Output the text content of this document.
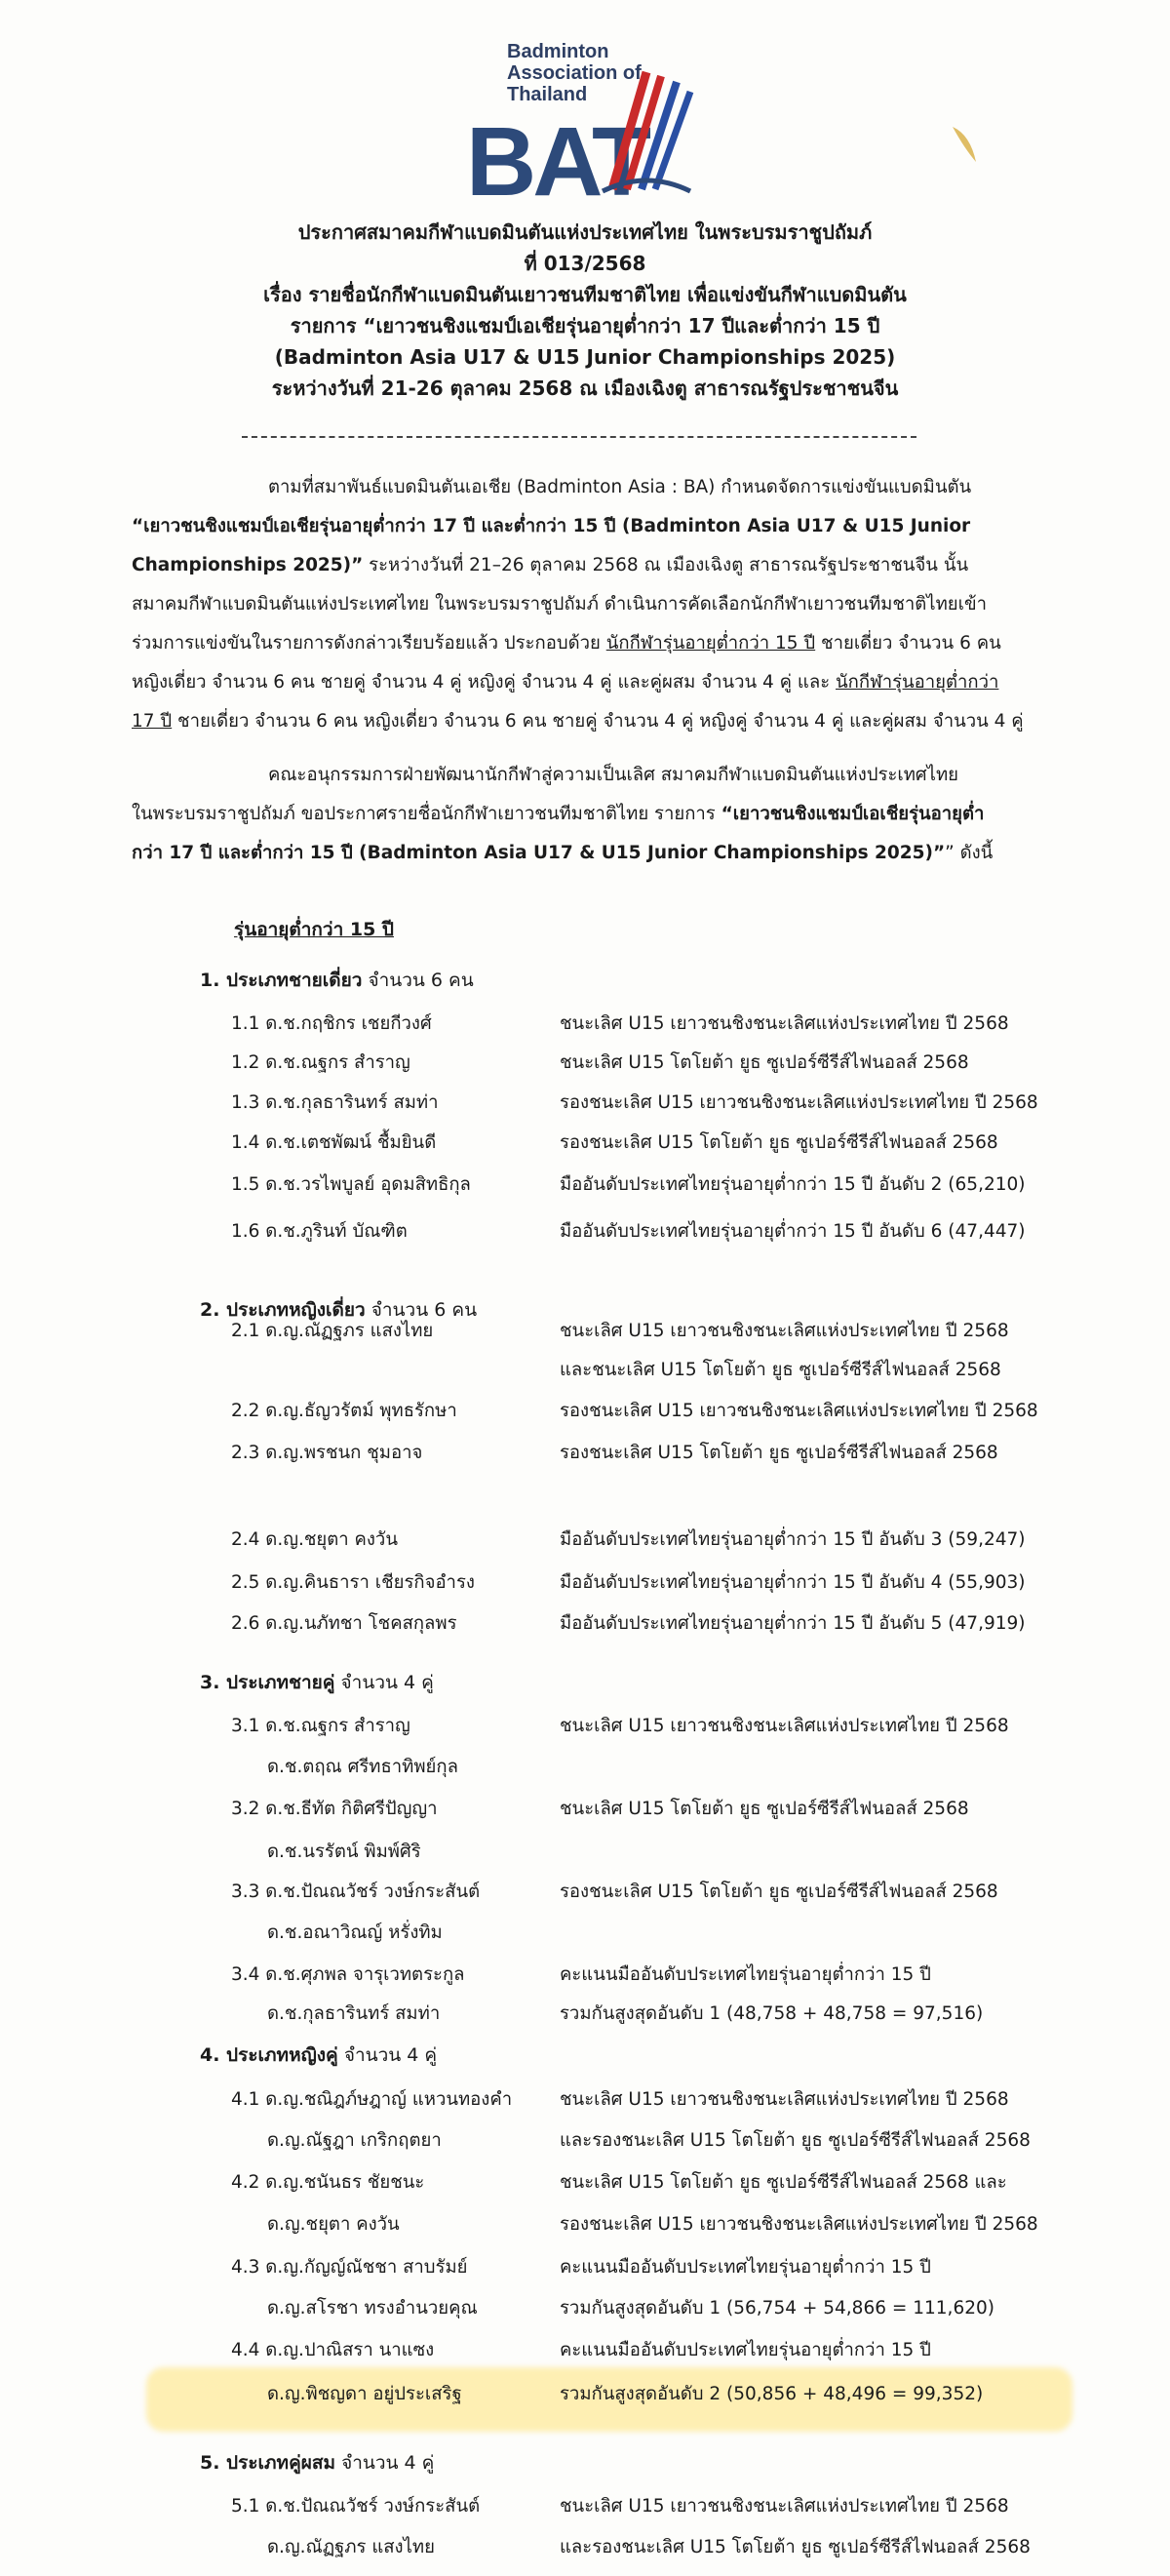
Badminton
Association of
Thailand
BAT
ประกาศสมาคมกีฬาแบดมินตันแห่งประเทศไทย ในพระบรมราชูปถัมภ์
ที่ 013/2568
เรื่อง รายชื่อนักกีฬาแบดมินตันเยาวชนทีมชาติไทย เพื่อแข่งขันกีฬาแบดมินตัน
รายการ “เยาวชนชิงแชมป์เอเชียรุ่นอายุต่ำกว่า 17 ปีและต่ำกว่า 15 ปี
(Badminton Asia U17 & U15 Junior Championships 2025)
ระหว่างวันที่ 21-26 ตุลาคม 2568 ณ เมืองเฉิงตู สาธารณรัฐประชาชนจีน
ตามที่สมาพันธ์แบดมินตันเอเชีย (Badminton Asia : BA) กำหนดจัดการแข่งขันแบดมินตัน
“เยาวชนชิงแชมป์เอเชียรุ่นอายุต่ำกว่า 17 ปี และต่ำกว่า 15 ปี (Badminton Asia U17 & U15 Junior
Championships 2025)” ระหว่างวันที่ 21–26 ตุลาคม 2568 ณ เมืองเฉิงตู สาธารณรัฐประชาชนจีน นั้น
สมาคมกีฬาแบดมินตันแห่งประเทศไทย ในพระบรมราชูปถัมภ์ ดำเนินการคัดเลือกนักกีฬาเยาวชนทีมชาติไทยเข้า
ร่วมการแข่งขันในรายการดังกล่าวเรียบร้อยแล้ว ประกอบด้วย นักกีฬารุ่นอายุต่ำกว่า 15 ปี ชายเดี่ยว จำนวน 6 คน
หญิงเดี่ยว จำนวน 6 คน ชายคู่ จำนวน 4 คู่ หญิงคู่ จำนวน 4 คู่ และคู่ผสม จำนวน 4 คู่ และ นักกีฬารุ่นอายุต่ำกว่า
17 ปี ชายเดี่ยว จำนวน 6 คน หญิงเดี่ยว จำนวน 6 คน ชายคู่ จำนวน 4 คู่ หญิงคู่ จำนวน 4 คู่ และคู่ผสม จำนวน 4 คู่
คณะอนุกรรมการฝ่ายพัฒนานักกีฬาสู่ความเป็นเลิศ สมาคมกีฬาแบดมินตันแห่งประเทศไทย
ในพระบรมราชูปถัมภ์ ขอประกาศรายชื่อนักกีฬาเยาวชนทีมชาติไทย รายการ “เยาวชนชิงแชมป์เอเชียรุ่นอายุต่ำ
กว่า 17 ปี และต่ำกว่า 15 ปี (Badminton Asia U17 & U15 Junior Championships 2025)”” ดังนี้
รุ่นอายุต่ำกว่า 15 ปี
1. ประเภทชายเดี่ยว จำนวน 6 คน
2. ประเภทหญิงเดี่ยว จำนวน 6 คน
3. ประเภทชายคู่ จำนวน 4 คู่
4. ประเภทหญิงคู่ จำนวน 4 คู่
5. ประเภทคู่ผสม จำนวน 4 คู่
1.1 ด.ช.กฤชิกร เชยกีวงศ์	ชนะเลิศ U15 เยาวชนชิงชนะเลิศแห่งประเทศไทย ปี 2568
1.2 ด.ช.ณฐกร สำราญ	ชนะเลิศ U15 โตโยต้า ยูธ ซูเปอร์ซีรีส์ไฟนอลส์ 2568
1.3 ด.ช.กุลธารินทร์ สมท่า	รองชนะเลิศ U15 เยาวชนชิงชนะเลิศแห่งประเทศไทย ปี 2568
1.4 ด.ช.เตชพัฒน์ ชื้มยินดี	รองชนะเลิศ U15 โตโยต้า ยูธ ซูเปอร์ซีรีส์ไฟนอลส์ 2568
1.5 ด.ช.วรไพบูลย์ อุดมสิทธิกุล	มืออันดับประเทศไทยรุ่นอายุต่ำกว่า 15 ปี อันดับ 2 (65,210)
1.6 ด.ช.ภูรินท์ บัณฑิต	มืออันดับประเทศไทยรุ่นอายุต่ำกว่า 15 ปี อันดับ 6 (47,447)
2.1 ด.ญ.ณัฏฐภร แสงไทย	ชนะเลิศ U15 เยาวชนชิงชนะเลิศแห่งประเทศไทย ปี 2568
และชนะเลิศ U15 โตโยต้า ยูธ ซูเปอร์ซีรีส์ไฟนอลส์ 2568
2.2 ด.ญ.ธัญวรัตม์ พุทธรักษา	รองชนะเลิศ U15 เยาวชนชิงชนะเลิศแห่งประเทศไทย ปี 2568
2.3 ด.ญ.พรชนก ชุมอาจ	รองชนะเลิศ U15 โตโยต้า ยูธ ซูเปอร์ซีรีส์ไฟนอลส์ 2568
2.4 ด.ญ.ชยุตา คงวัน	มืออันดับประเทศไทยรุ่นอายุต่ำกว่า 15 ปี อันดับ 3 (59,247)
2.5 ด.ญ.คินธารา เชียรกิจอำรง	มืออันดับประเทศไทยรุ่นอายุต่ำกว่า 15 ปี อันดับ 4 (55,903)
2.6 ด.ญ.นภัทชา โชคสกุลพร	มืออันดับประเทศไทยรุ่นอายุต่ำกว่า 15 ปี อันดับ 5 (47,919)
3.1 ด.ช.ณฐกร สำราญ	ชนะเลิศ U15 เยาวชนชิงชนะเลิศแห่งประเทศไทย ปี 2568
ด.ช.ตฤณ ศรีทธาทิพย์กุล
3.2 ด.ช.ธีทัต กิติศรีปัญญา	ชนะเลิศ U15 โตโยต้า ยูธ ซูเปอร์ซีรีส์ไฟนอลส์ 2568
ด.ช.นรรัตน์ พิมพ์ศิริ
3.3 ด.ช.ปัณณวัชร์ วงษ์กระสันต์	รองชนะเลิศ U15 โตโยต้า ยูธ ซูเปอร์ซีรีส์ไฟนอลส์ 2568
ด.ช.อณาวิณญ์ หรั่งทิม
3.4 ด.ช.ศุภพล จารุเวทตระกูล	คะแนนมืออันดับประเทศไทยรุ่นอายุต่ำกว่า 15 ปี
ด.ช.กุลธารินทร์ สมท่า	รวมกันสูงสุดอันดับ 1 (48,758 + 48,758 = 97,516)
4.1 ด.ญ.ชณิฎภ์ษฎาญ์ แหวนทองคำ	ชนะเลิศ U15 เยาวชนชิงชนะเลิศแห่งประเทศไทย ปี 2568
ด.ญ.ณัฐฎา เกริกฤตยา	และรองชนะเลิศ U15 โตโยต้า ยูธ ซูเปอร์ซีรีส์ไฟนอลส์ 2568
4.2 ด.ญ.ชนันธร ชัยชนะ	ชนะเลิศ U15 โตโยต้า ยูธ ซูเปอร์ซีรีส์ไฟนอลส์ 2568 และ
ด.ญ.ชยุตา คงวัน	รองชนะเลิศ U15 เยาวชนชิงชนะเลิศแห่งประเทศไทย ปี 2568
4.3 ด.ญ.กัญญ์ณัชชา สาบรัมย์	คะแนนมืออันดับประเทศไทยรุ่นอายุต่ำกว่า 15 ปี
ด.ญ.สโรชา ทรงอำนวยคุณ	รวมกันสูงสุดอันดับ 1 (56,754 + 54,866 = 111,620)
4.4 ด.ญ.ปาณิสรา นาแซง	คะแนนมืออันดับประเทศไทยรุ่นอายุต่ำกว่า 15 ปี
ด.ญ.พิชญดา อยู่ประเสริฐ	รวมกันสูงสุดอันดับ 2 (50,856 + 48,496 = 99,352)
5.1 ด.ช.ปัณณวัชร์ วงษ์กระสันต์	ชนะเลิศ U15 เยาวชนชิงชนะเลิศแห่งประเทศไทย ปี 2568
ด.ญ.ณัฏฐภร แสงไทย	และรองชนะเลิศ U15 โตโยต้า ยูธ ซูเปอร์ซีรีส์ไฟนอลส์ 2568
